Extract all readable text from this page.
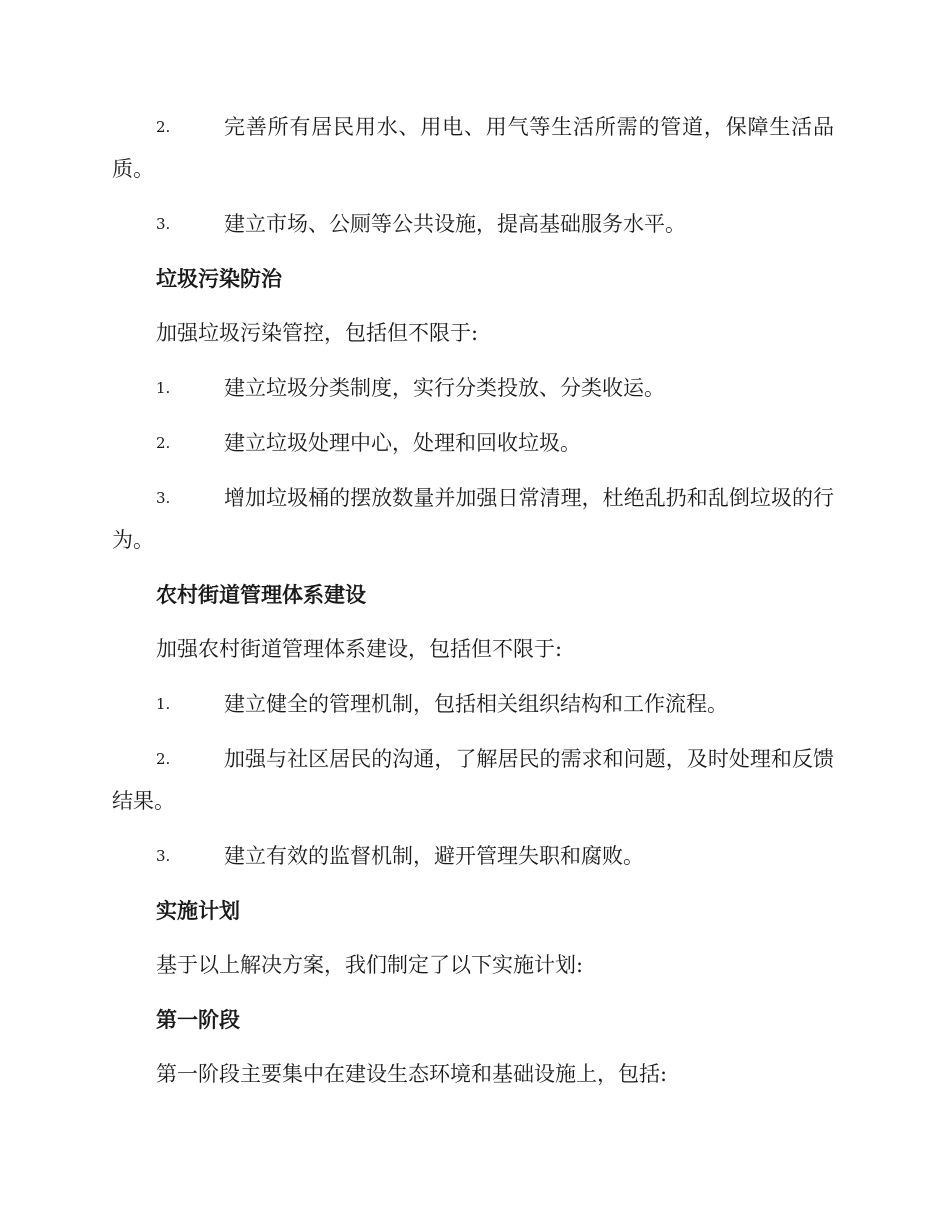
2.	完善所有居民用水、用电、用气等生活所需的管道，保障生活品质。
3.	建立市场、公厕等公共设施，提高基础服务水平。
垃圾污染防治
加强垃圾污染管控，包括但不限于:
1.	建立垃圾分类制度，实行分类投放、分类收运。
2.	建立垃圾处理中心，处理和回收垃圾。
3.	增加垃圾桶的摆放数量并加强日常清理，杜绝乱扔和乱倒垃圾的行为。
农村街道管理体系建设
加强农村街道管理体系建设，包括但不限于:
1.	建立健全的管理机制，包括相关组织结构和工作流程。
2.	加强与社区居民的沟通，了解居民的需求和问题，及时处理和反馈结果。
3.	建立有效的监督机制，避开管理失职和腐败。
实施计划
基于以上解决方案，我们制定了以下实施计划:
第一阶段
第一阶段主要集中在建设生态环境和基础设施上，包括:
